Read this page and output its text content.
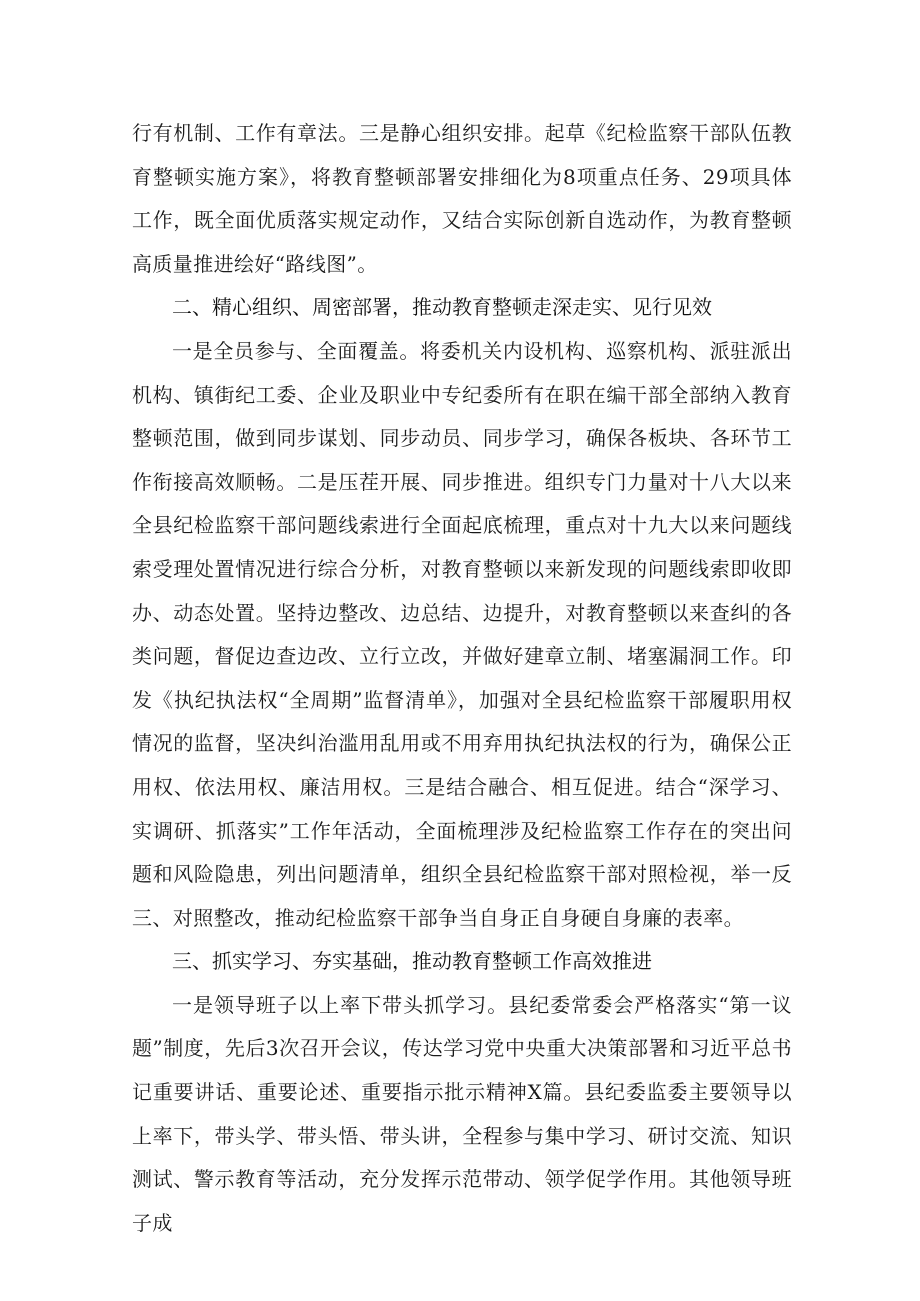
行有机制、工作有章法。三是静心组织安排。起草《纪检监察干部队伍教育整顿实施方案》，将教育整顿部署安排细化为8项重点任务、29项具体工作，既全面优质落实规定动作，又结合实际创新自选动作，为教育整顿高质量推进绘好“路线图”。

二、精心组织、周密部署，推动教育整顿走深走实、见行见效

一是全员参与、全面覆盖。将委机关内设机构、巡察机构、派驻派出机构、镇街纪工委、企业及职业中专纪委所有在职在编干部全部纳入教育整顿范围，做到同步谋划、同步动员、同步学习，确保各板块、各环节工作衔接高效顺畅。二是压茬开展、同步推进。组织专门力量对十八大以来全县纪检监察干部问题线索进行全面起底梳理，重点对十九大以来问题线索受理处置情况进行综合分析，对教育整顿以来新发现的问题线索即收即办、动态处置。坚持边整改、边总结、边提升，对教育整顿以来查纠的各类问题，督促边查边改、立行立改，并做好建章立制、堵塞漏洞工作。印发《执纪执法权“全周期”监督清单》，加强对全县纪检监察干部履职用权情况的监督，坚决纠治滥用乱用或不用弃用执纪执法权的行为，确保公正用权、依法用权、廉洁用权。三是结合融合、相互促进。结合“深学习、实调研、抓落实”工作年活动，全面梳理涉及纪检监察工作存在的突出问题和风险隐患，列出问题清单，组织全县纪检监察干部对照检视，举一反三、对照整改，推动纪检监察干部争当自身正自身硬自身廉的表率。

三、抓实学习、夯实基础，推动教育整顿工作高效推进

一是领导班子以上率下带头抓学习。县纪委常委会严格落实“第一议题”制度，先后3次召开会议，传达学习党中央重大决策部署和习近平总书记重要讲话、重要论述、重要指示批示精神X篇。县纪委监委主要领导以上率下，带头学、带头悟、带头讲，全程参与集中学习、研讨交流、知识测试、警示教育等活动，充分发挥示范带动、领学促学作用。其他领导班子成
